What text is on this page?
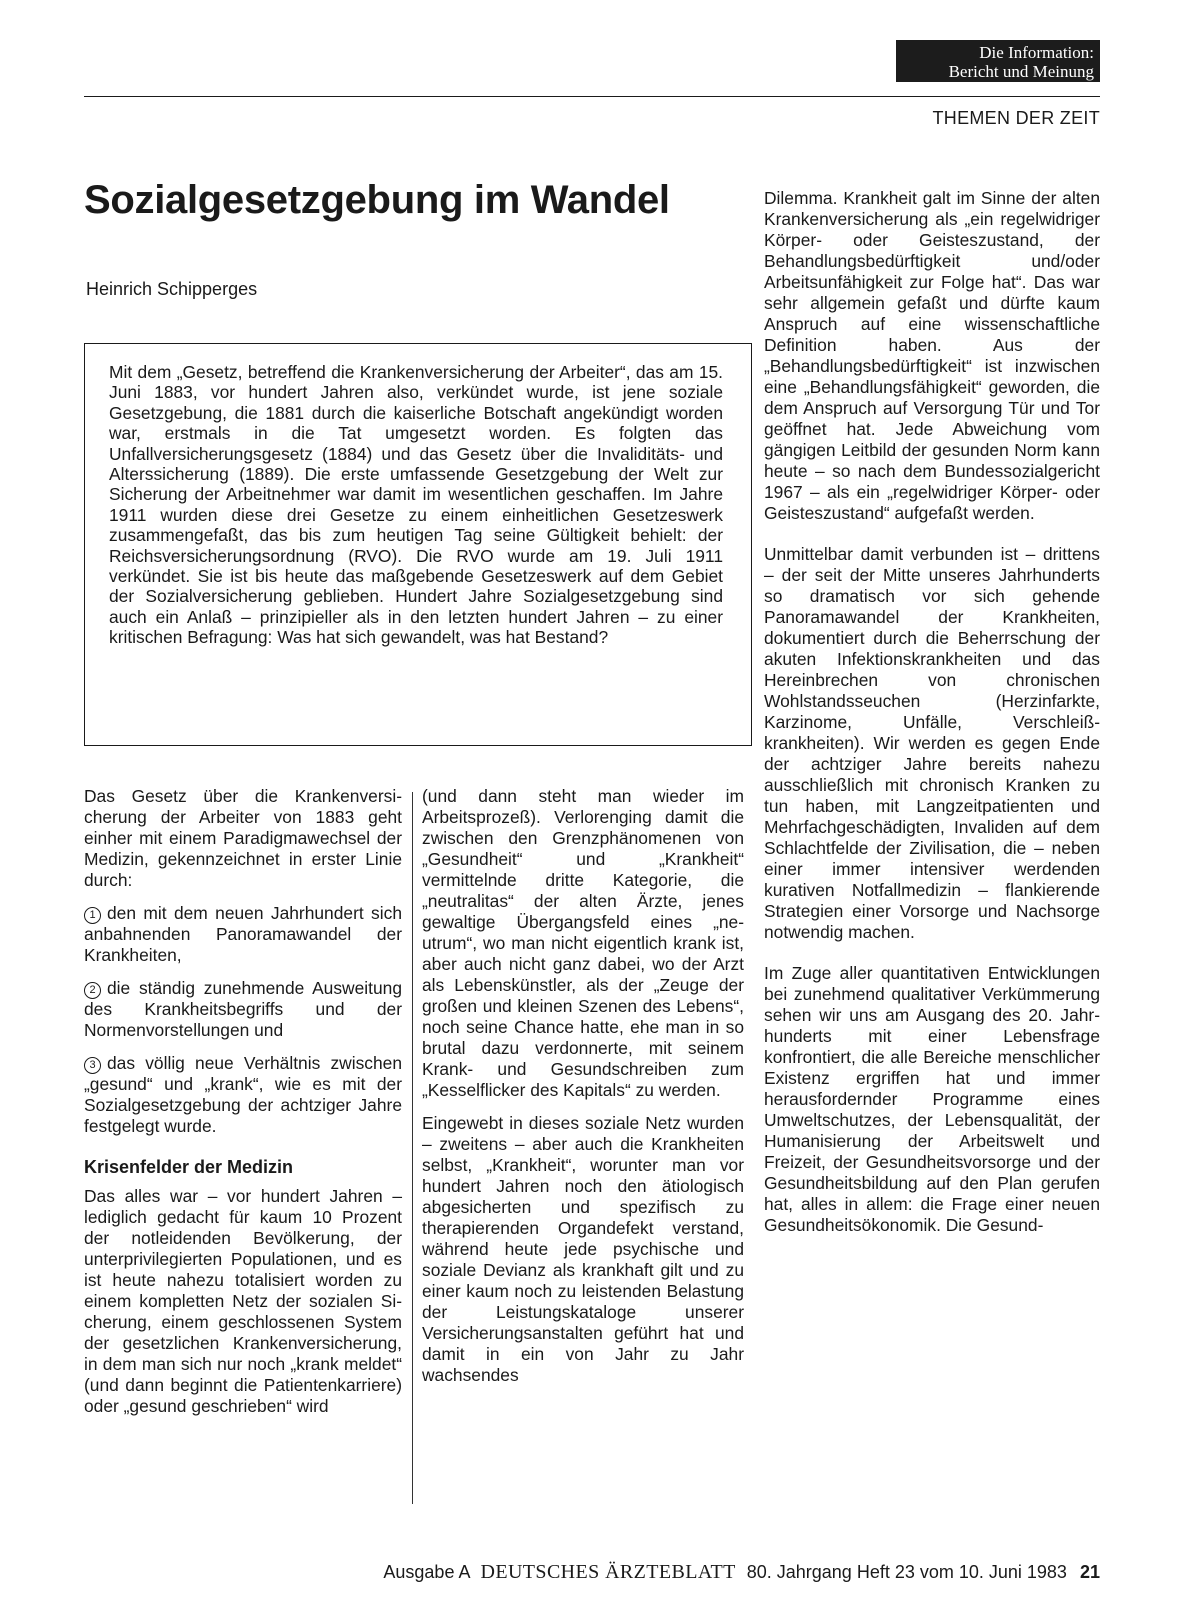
Die Information:
Bericht und Meinung
THEMEN DER ZEIT
Sozialgesetzgebung im Wandel
Heinrich Schipperges
Mit dem „Gesetz, betreffend die Krankenversicherung der Arbeiter“, das am 15. Juni 1883, vor hundert Jahren also, verkündet wurde, ist jene soziale Gesetzgebung, die 1881 durch die kaiserliche Botschaft angekündigt worden war, erstmals in die Tat umgesetzt worden. Es folgten das Unfallversicherungsgesetz (1884) und das Gesetz über die Invaliditäts- und Alterssicherung (1889). Die erste umfassende Gesetzgebung der Welt zur Sicherung der Arbeitnehmer war damit im wesentlichen geschaffen. Im Jahre 1911 wurden diese drei Gesetze zu einem einheitlichen Gesetzeswerk zusammengefaßt, das bis zum heutigen Tag seine Gültigkeit behielt: der Reichsversicherungsordnung (RVO). Die RVO wurde am 19. Juli 1911 verkündet. Sie ist bis heute das maßgebende Gesetzeswerk auf dem Gebiet der Sozialversicherung geblieben. Hundert Jahre Sozialgesetzgebung sind auch ein Anlaß – prinzipieller als in den letzten hundert Jahren – zu einer kritischen Befragung: Was hat sich gewandelt, was hat Bestand?

Das Gesetz über die Krankenversicherung der Arbeiter von 1883 geht einher mit einem Paradigmawechsel der Medizin, gekennzeichnet in erster Linie durch:

1 den mit dem neuen Jahrhundert sich anbahnenden Panoramawandel der Krankheiten,
2 die ständig zunehmende Ausweitung des Krankheitsbegriffs und der Normenvorstellungen und
3 das völlig neue Verhältnis zwischen „gesund“ und „krank“, wie es mit der Sozialgesetzgebung der achtziger Jahre festgelegt wurde.
Krisenfelder der Medizin

Das alles war – vor hundert Jahren – lediglich gedacht für kaum 10 Prozent der notleidenden Bevölkerung, der unterprivilegierten Populationen, und es ist heute nahezu totalisiert worden zu einem kompletten Netz der sozialen Sicherung, einem geschlossenen System der gesetzlichen Krankenversicherung, in dem man sich nur noch „krank meldet“ (und dann beginnt die Patientenkarriere) oder „gesund geschrieben“ wird

(und dann steht man wieder im Arbeitsprozeß). Verlorenging damit die zwischen den Grenzphänomenen von „Gesundheit“ und „Krankheit“ vermittelnde dritte Kategorie, die „neutralitas“ der alten Ärzte, jenes gewaltige Übergangsfeld eines „ne-utrum“, wo man nicht eigentlich krank ist, aber auch nicht ganz dabei, wo der Arzt als Lebenskünstler, als der „Zeuge der großen und kleinen Szenen des Lebens“, noch seine Chance hatte, ehe man in so brutal dazu verdonnerte, mit seinem Krank- und Gesundschreiben zum „Kesselflicker des Kapitals“ zu werden.

Eingewebt in dieses soziale Netz wurden – zweitens – aber auch die Krankheiten selbst, „Krankheit“, worunter man vor hundert Jahren noch den ätiologisch abgesicherten und spezifisch zu therapierenden Organdefekt verstand, während heute jede psychische und soziale Devianz als krankhaft gilt und zu einer kaum noch zu leistenden Belastung der Leistungskataloge unserer Versicherungsanstalten geführt hat und damit in ein von Jahr zu Jahr wachsendes

Dilemma. Krankheit galt im Sinne der alten Krankenversicherung als „ein regelwidriger Körper- oder Geisteszustand, der Behandlungsbedürftigkeit und/oder Arbeitsunfähigkeit zur Folge hat“. Das war sehr allgemein gefaßt und dürfte kaum Anspruch auf eine wissenschaftliche Definition haben. Aus der „Behandlungsbedürftigkeit“ ist inzwischen eine „Behandlungsfähigkeit“ geworden, die dem Anspruch auf Versorgung Tür und Tor geöffnet hat. Jede Abweichung vom gängigen Leitbild der gesunden Norm kann heute – so nach dem Bundessozialgericht 1967 – als ein „regelwidriger Körper- oder Geisteszustand“ aufgefaßt werden.

Unmittelbar damit verbunden ist – drittens – der seit der Mitte unseres Jahrhunderts so dramatisch vor sich gehende Panoramawandel der Krankheiten, dokumentiert durch die Beherrschung der akuten Infektionskrankheiten und das Hereinbrechen von chronischen Wohlstandsseuchen (Herzinfarkte, Karzinome, Unfälle, Verschleißkrankheiten). Wir werden es gegen Ende der achtziger Jahre bereits nahezu ausschließlich mit chronisch Kranken zu tun haben, mit Langzeitpatienten und Mehrfachgeschädigten, Invaliden auf dem Schlachtfelde der Zivilisation, die – neben einer immer intensiver werdenden kurativen Notfallmedizin – flankierende Strategien einer Vorsorge und Nachsorge notwendig machen.

Im Zuge aller quantitativen Entwicklungen bei zunehmend qualitativer Verkümmerung sehen wir uns am Ausgang des 20. Jahrhunderts mit einer Lebensfrage konfrontiert, die alle Bereiche menschlicher Existenz ergriffen hat und immer herausfordernder Programme eines Umweltschutzes, der Lebensqualität, der Humanisierung der Arbeitswelt und Freizeit, der Gesundheitsvorsorge und der Gesundheitsbildung auf den Plan gerufen hat, alles in allem: die Frage einer neuen Gesundheitsökonomik. Die Gesund-

Ausgabe A DEUTSCHES ÄRZTEBLATT 80. Jahrgang Heft 23 vom 10. Juni 1983 21
